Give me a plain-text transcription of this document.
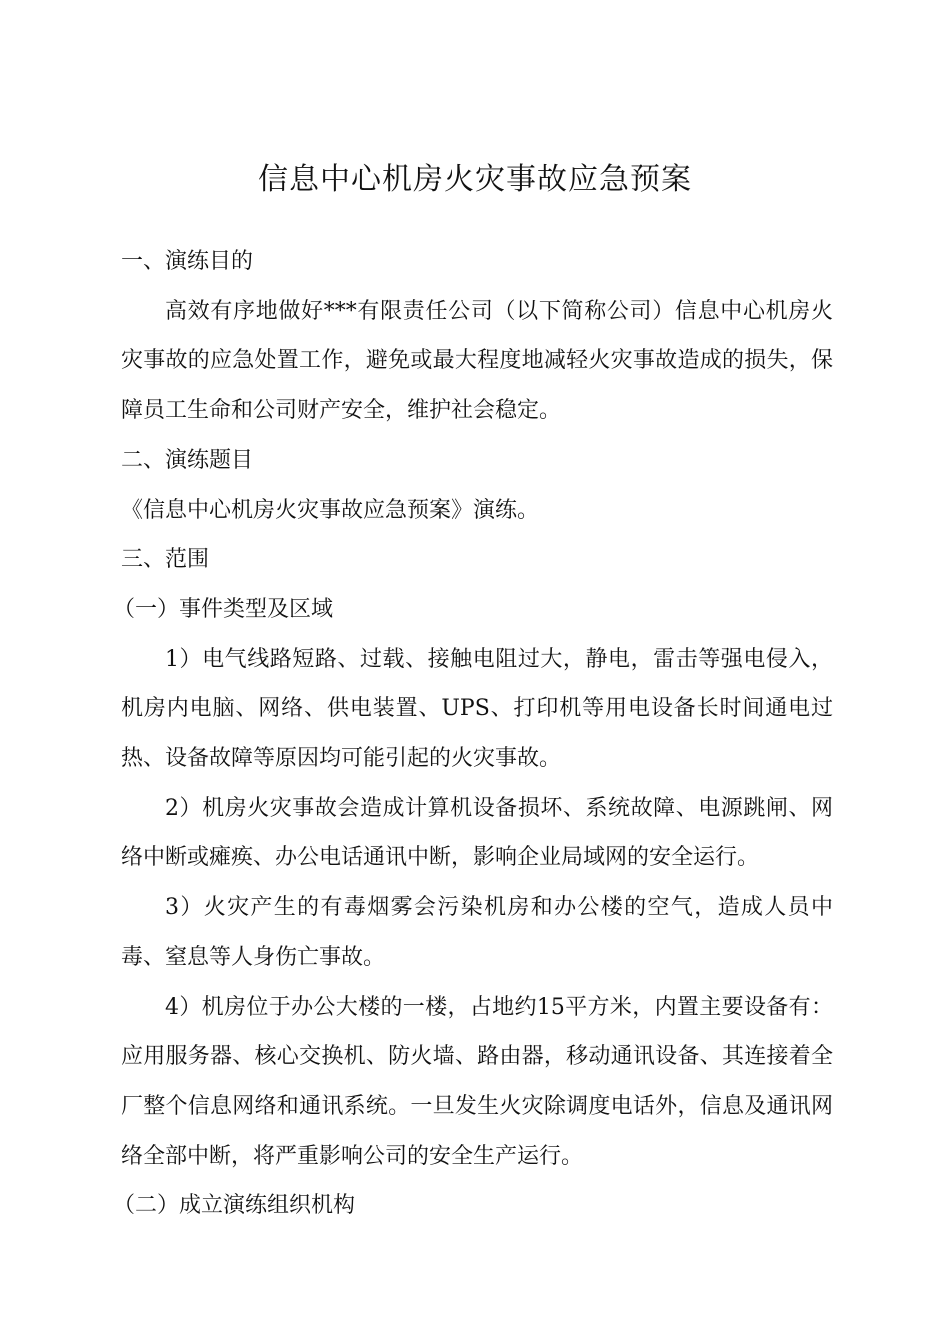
信息中心机房火灾事故应急预案

一、演练目的

高效有序地做好***有限责任公司（以下简称公司）信息中心机房火灾事故的应急处置工作，避免或最大程度地减轻火灾事故造成的损失，保障员工生命和公司财产安全，维护社会稳定。

二、演练题目

《信息中心机房火灾事故应急预案》演练。

三、范围

（一）事件类型及区域

1）电气线路短路、过载、接触电阻过大，静电，雷击等强电侵入，机房内电脑、网络、供电装置、UPS、打印机等用电设备长时间通电过热、设备故障等原因均可能引起的火灾事故。

2）机房火灾事故会造成计算机设备损坏、系统故障、电源跳闸、网络中断或瘫痪、办公电话通讯中断，影响企业局域网的安全运行。

3）火灾产生的有毒烟雾会污染机房和办公楼的空气，造成人员中毒、窒息等人身伤亡事故。

4）机房位于办公大楼的一楼，占地约15平方米，内置主要设备有：应用服务器、核心交换机、防火墙、路由器，移动通讯设备、其连接着全厂整个信息网络和通讯系统。一旦发生火灾除调度电话外，信息及通讯网络全部中断，将严重影响公司的安全生产运行。

（二）成立演练组织机构
